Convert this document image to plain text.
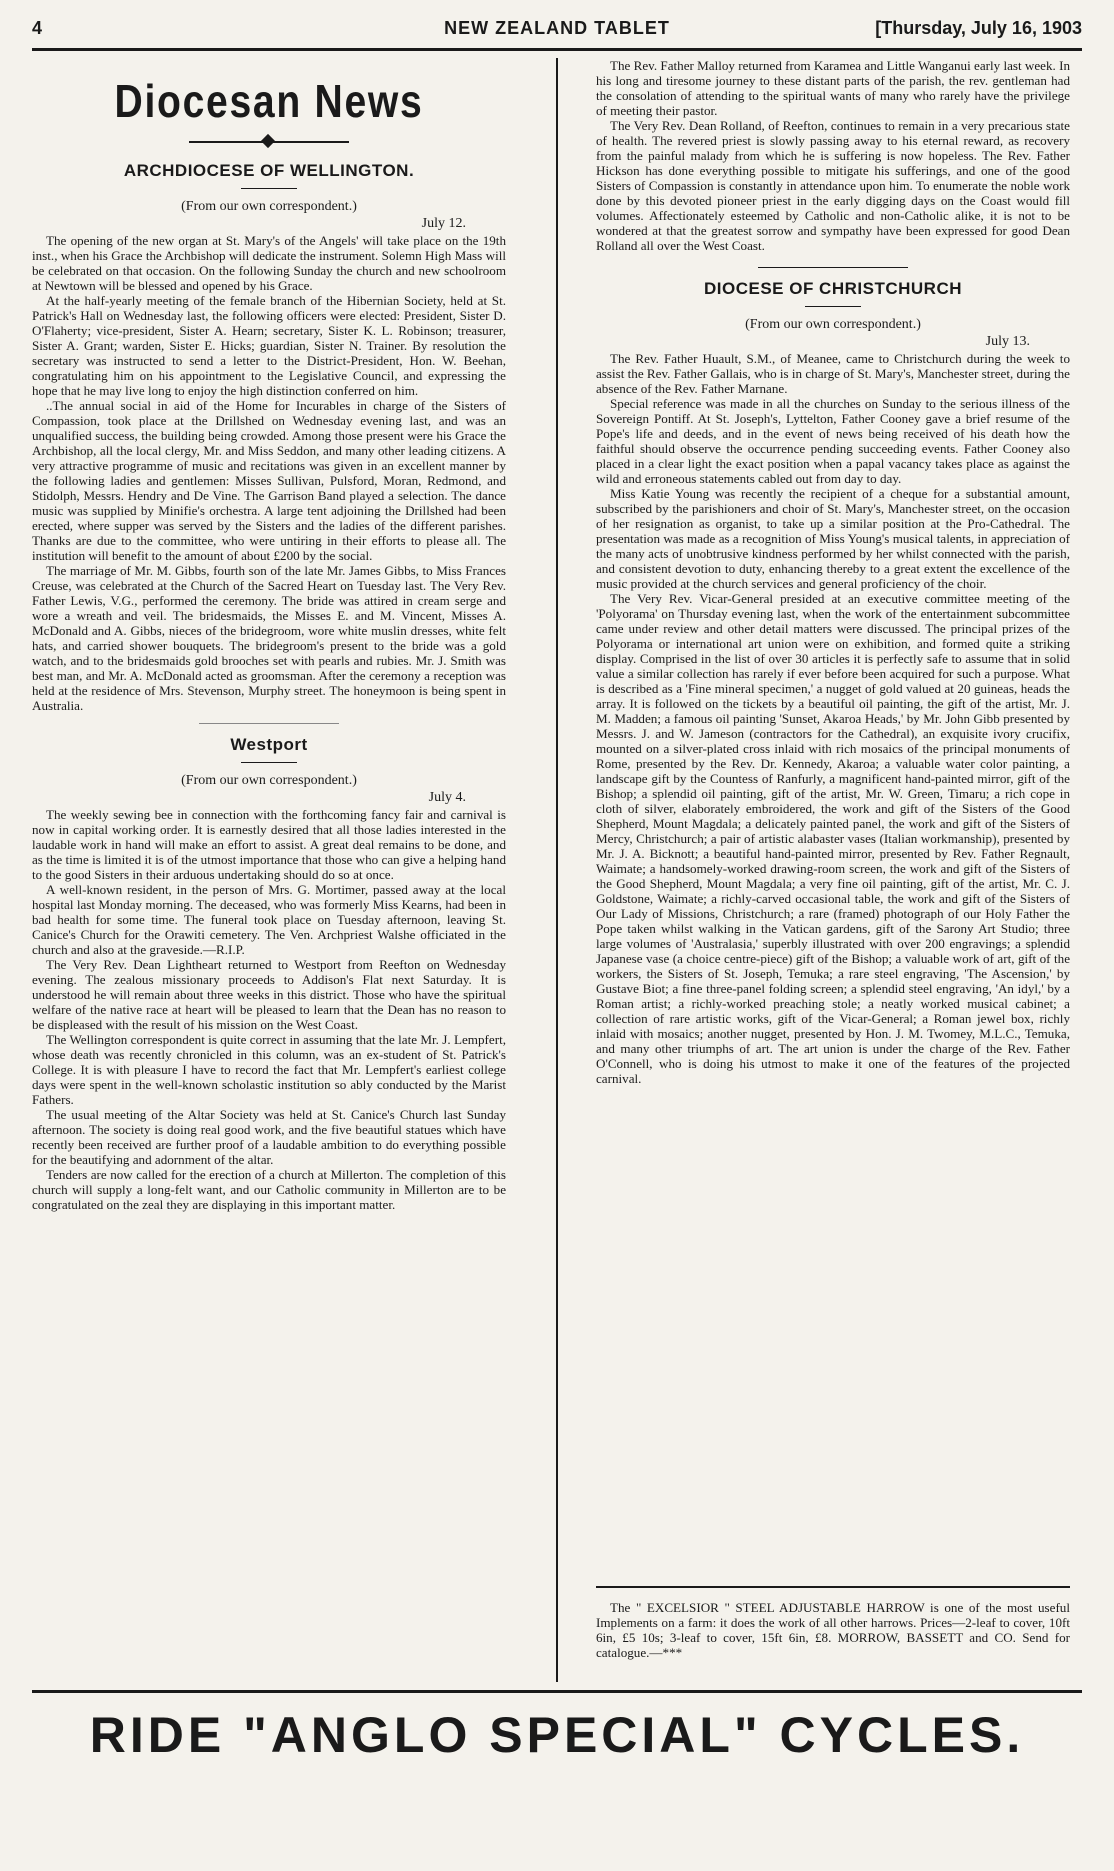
4	NEW ZEALAND TABLET	[Thursday, July 16, 1903
Diocesan News
ARCHDIOCESE OF WELLINGTON.
(From our own correspondent.)
July 12.

The opening of the new organ at St. Mary's of the Angels' will take place on the 19th inst., when his Grace the Archbishop will dedicate the instrument. Solemn High Mass will be celebrated on that occasion. On the following Sunday the church and new schoolroom at Newtown will be blessed and opened by his Grace.

At the half-yearly meeting of the female branch of the Hibernian Society, held at St. Patrick's Hall on Wednesday last, the following officers were elected: President, Sister D. O'Flaherty; vice-president, Sister A. Hearn; secretary, Sister K. L. Robinson; treasurer, Sister A. Grant; warden, Sister E. Hicks; guardian, Sister N. Trainer. By resolution the secretary was instructed to send a letter to the District-President, Hon. W. Beehan, congratulating him on his appointment to the Legislative Council, and expressing the hope that he may live long to enjoy the high distinction conferred on him.

..The annual social in aid of the Home for Incurables in charge of the Sisters of Compassion, took place at the Drillshed on Wednesday evening last, and was an unqualified success, the building being crowded. Among those present were his Grace the Archbishop, all the local clergy, Mr. and Miss Seddon, and many other leading citizens. A very attractive programme of music and recitations was given in an excellent manner by the following ladies and gentlemen: Misses Sullivan, Pulsford, Moran, Redmond, and Stidolph, Messrs. Hendry and De Vine. The Garrison Band played a selection. The dance music was supplied by Minifie's orchestra. A large tent adjoining the Drillshed had been erected, where supper was served by the Sisters and the ladies of the different parishes. Thanks are due to the committee, who were untiring in their efforts to please all. The institution will benefit to the amount of about £200 by the social.

The marriage of Mr. M. Gibbs, fourth son of the late Mr. James Gibbs, to Miss Frances Creuse, was celebrated at the Church of the Sacred Heart on Tuesday last. The Very Rev. Father Lewis, V.G., performed the ceremony. The bride was attired in cream serge and wore a wreath and veil. The bridesmaids, the Misses E. and M. Vincent, Misses A. McDonald and A. Gibbs, nieces of the bridegroom, wore white muslin dresses, white felt hats, and carried shower bouquets. The bridegroom's present to the bride was a gold watch, and to the bridesmaids gold brooches set with pearls and rubies. Mr. J. Smith was best man, and Mr. A. McDonald acted as groomsman. After the ceremony a reception was held at the residence of Mrs. Stevenson, Murphy street. The honeymoon is being spent in Australia.

Westport
(From our own correspondent.)
July 4.

The weekly sewing bee in connection with the forthcoming fancy fair and carnival is now in capital working order. It is earnestly desired that all those ladies interested in the laudable work in hand will make an effort to assist. A great deal remains to be done, and as the time is limited it is of the utmost importance that those who can give a helping hand to the good Sisters in their arduous undertaking should do so at once.

A well-known resident, in the person of Mrs. G. Mortimer, passed away at the local hospital last Monday morning. The deceased, who was formerly Miss Kearns, had been in bad health for some time. The funeral took place on Tuesday afternoon, leaving St. Canice's Church for the Orawiti cemetery. The Ven. Archpriest Walshe officiated in the church and also at the graveside.—R.I.P.

The Very Rev. Dean Lightheart returned to Westport from Reefton on Wednesday evening. The zealous missionary proceeds to Addison's Flat next Saturday. It is understood he will remain about three weeks in this district. Those who have the spiritual welfare of the native race at heart will be pleased to learn that the Dean has no reason to be displeased with the result of his mission on the West Coast.

The Wellington correspondent is quite correct in assuming that the late Mr. J. Lempfert, whose death was recently chronicled in this column, was an ex-student of St. Patrick's College. It is with pleasure I have to record the fact that Mr. Lempfert's earliest college days were spent in the well-known scholastic institution so ably conducted by the Marist Fathers.

The usual meeting of the Altar Society was held at St. Canice's Church last Sunday afternoon. The society is doing real good work, and the five beautiful statues which have recently been received are further proof of a laudable ambition to do everything possible for the beautifying and adornment of the altar.

Tenders are now called for the erection of a church at Millerton. The completion of this church will supply a long-felt want, and our Catholic community in Millerton are to be congratulated on the zeal they are displaying in this important matter.

The Rev. Father Malloy returned from Karamea and Little Wanganui early last week. In his long and tiresome journey to these distant parts of the parish, the rev. gentleman had the consolation of attending to the spiritual wants of many who rarely have the privilege of meeting their pastor.

The Very Rev. Dean Rolland, of Reefton, continues to remain in a very precarious state of health. The revered priest is slowly passing away to his eternal reward, as recovery from the painful malady from which he is suffering is now hopeless. The Rev. Father Hickson has done everything possible to mitigate his sufferings, and one of the good Sisters of Compassion is constantly in attendance upon him. To enumerate the noble work done by this devoted pioneer priest in the early digging days on the Coast would fill volumes. Affectionately esteemed by Catholic and non-Catholic alike, it is not to be wondered at that the greatest sorrow and sympathy have been expressed for good Dean Rolland all over the West Coast.

DIOCESE OF CHRISTCHURCH
(From our own correspondent.)
July 13.

The Rev. Father Huault, S.M., of Meanee, came to Christchurch during the week to assist the Rev. Father Gallais, who is in charge of St. Mary's, Manchester street, during the absence of the Rev. Father Marnane.

Special reference was made in all the churches on Sunday to the serious illness of the Sovereign Pontiff. At St. Joseph's, Lyttelton, Father Cooney gave a brief resume of the Pope's life and deeds, and in the event of news being received of his death how the faithful should observe the occurrence pending succeeding events. Father Cooney also placed in a clear light the exact position when a papal vacancy takes place as against the wild and erroneous statements cabled out from day to day.

Miss Katie Young was recently the recipient of a cheque for a substantial amount, subscribed by the parishioners and choir of St. Mary's, Manchester street, on the occasion of her resignation as organist, to take up a similar position at the Pro-Cathedral. The presentation was made as a recognition of Miss Young's musical talents, in appreciation of the many acts of unobtrusive kindness performed by her whilst connected with the parish, and consistent devotion to duty, enhancing thereby to a great extent the excellence of the music provided at the church services and general proficiency of the choir.

The Very Rev. Vicar-General presided at an executive committee meeting of the 'Polyorama' on Thursday evening last, when the work of the entertainment subcommittee came under review and other detail matters were discussed. The principal prizes of the Polyorama or international art union were on exhibition, and formed quite a striking display. Comprised in the list of over 30 articles it is perfectly safe to assume that in solid value a similar collection has rarely if ever before been acquired for such a purpose. What is described as a 'Fine mineral specimen,' a nugget of gold valued at 20 guineas, heads the array. It is followed on the tickets by a beautiful oil painting, the gift of the artist, Mr. J. M. Madden; a famous oil painting 'Sunset, Akaroa Heads,' by Mr. John Gibb presented by Messrs. J. and W. Jameson (contractors for the Cathedral), an exquisite ivory crucifix, mounted on a silver-plated cross inlaid with rich mosaics of the principal monuments of Rome, presented by the Rev. Dr. Kennedy, Akaroa; a valuable water color painting, a landscape gift by the Countess of Ranfurly, a magnificent hand-painted mirror, gift of the Bishop; a splendid oil painting, gift of the artist, Mr. W. Green, Timaru; a rich cope in cloth of silver, elaborately embroidered, the work and gift of the Sisters of the Good Shepherd, Mount Magdala; a delicately painted panel, the work and gift of the Sisters of Mercy, Christchurch; a pair of artistic alabaster vases (Italian workmanship), presented by Mr. J. A. Bicknott; a beautiful hand-painted mirror, presented by Rev. Father Regnault, Waimate; a handsomely-worked drawing-room screen, the work and gift of the Sisters of the Good Shepherd, Mount Magdala; a very fine oil painting, gift of the artist, Mr. C. J. Goldstone, Waimate; a richly-carved occasional table, the work and gift of the Sisters of Our Lady of Missions, Christchurch; a rare (framed) photograph of our Holy Father the Pope taken whilst walking in the Vatican gardens, gift of the Sarony Art Studio; three large volumes of 'Australasia,' superbly illustrated with over 200 engravings; a splendid Japanese vase (a choice centre-piece) gift of the Bishop; a valuable work of art, gift of the workers, the Sisters of St. Joseph, Temuka; a rare steel engraving, 'The Ascension,' by Gustave Biot; a fine three-panel folding screen; a splendid steel engraving, 'An idyl,' by a Roman artist; a richly-worked preaching stole; a neatly worked musical cabinet; a collection of rare artistic works, gift of the Vicar-General; a Roman jewel box, richly inlaid with mosaics; another nugget, presented by Hon. J. M. Twomey, M.L.C., Temuka, and many other triumphs of art. The art union is under the charge of the Rev. Father O'Connell, who is doing his utmost to make it one of the features of the projected carnival.

The " EXCELSIOR " STEEL ADJUSTABLE HARROW is one of the most useful Implements on a farm: it does the work of all other harrows. Prices—2-leaf to cover, 10ft 6in, £5 10s; 3-leaf to cover, 15ft 6in, £8. MORROW, BASSETT and CO. Send for catalogue.—***

RIDE "ANGLO SPECIAL" CYCLES.
